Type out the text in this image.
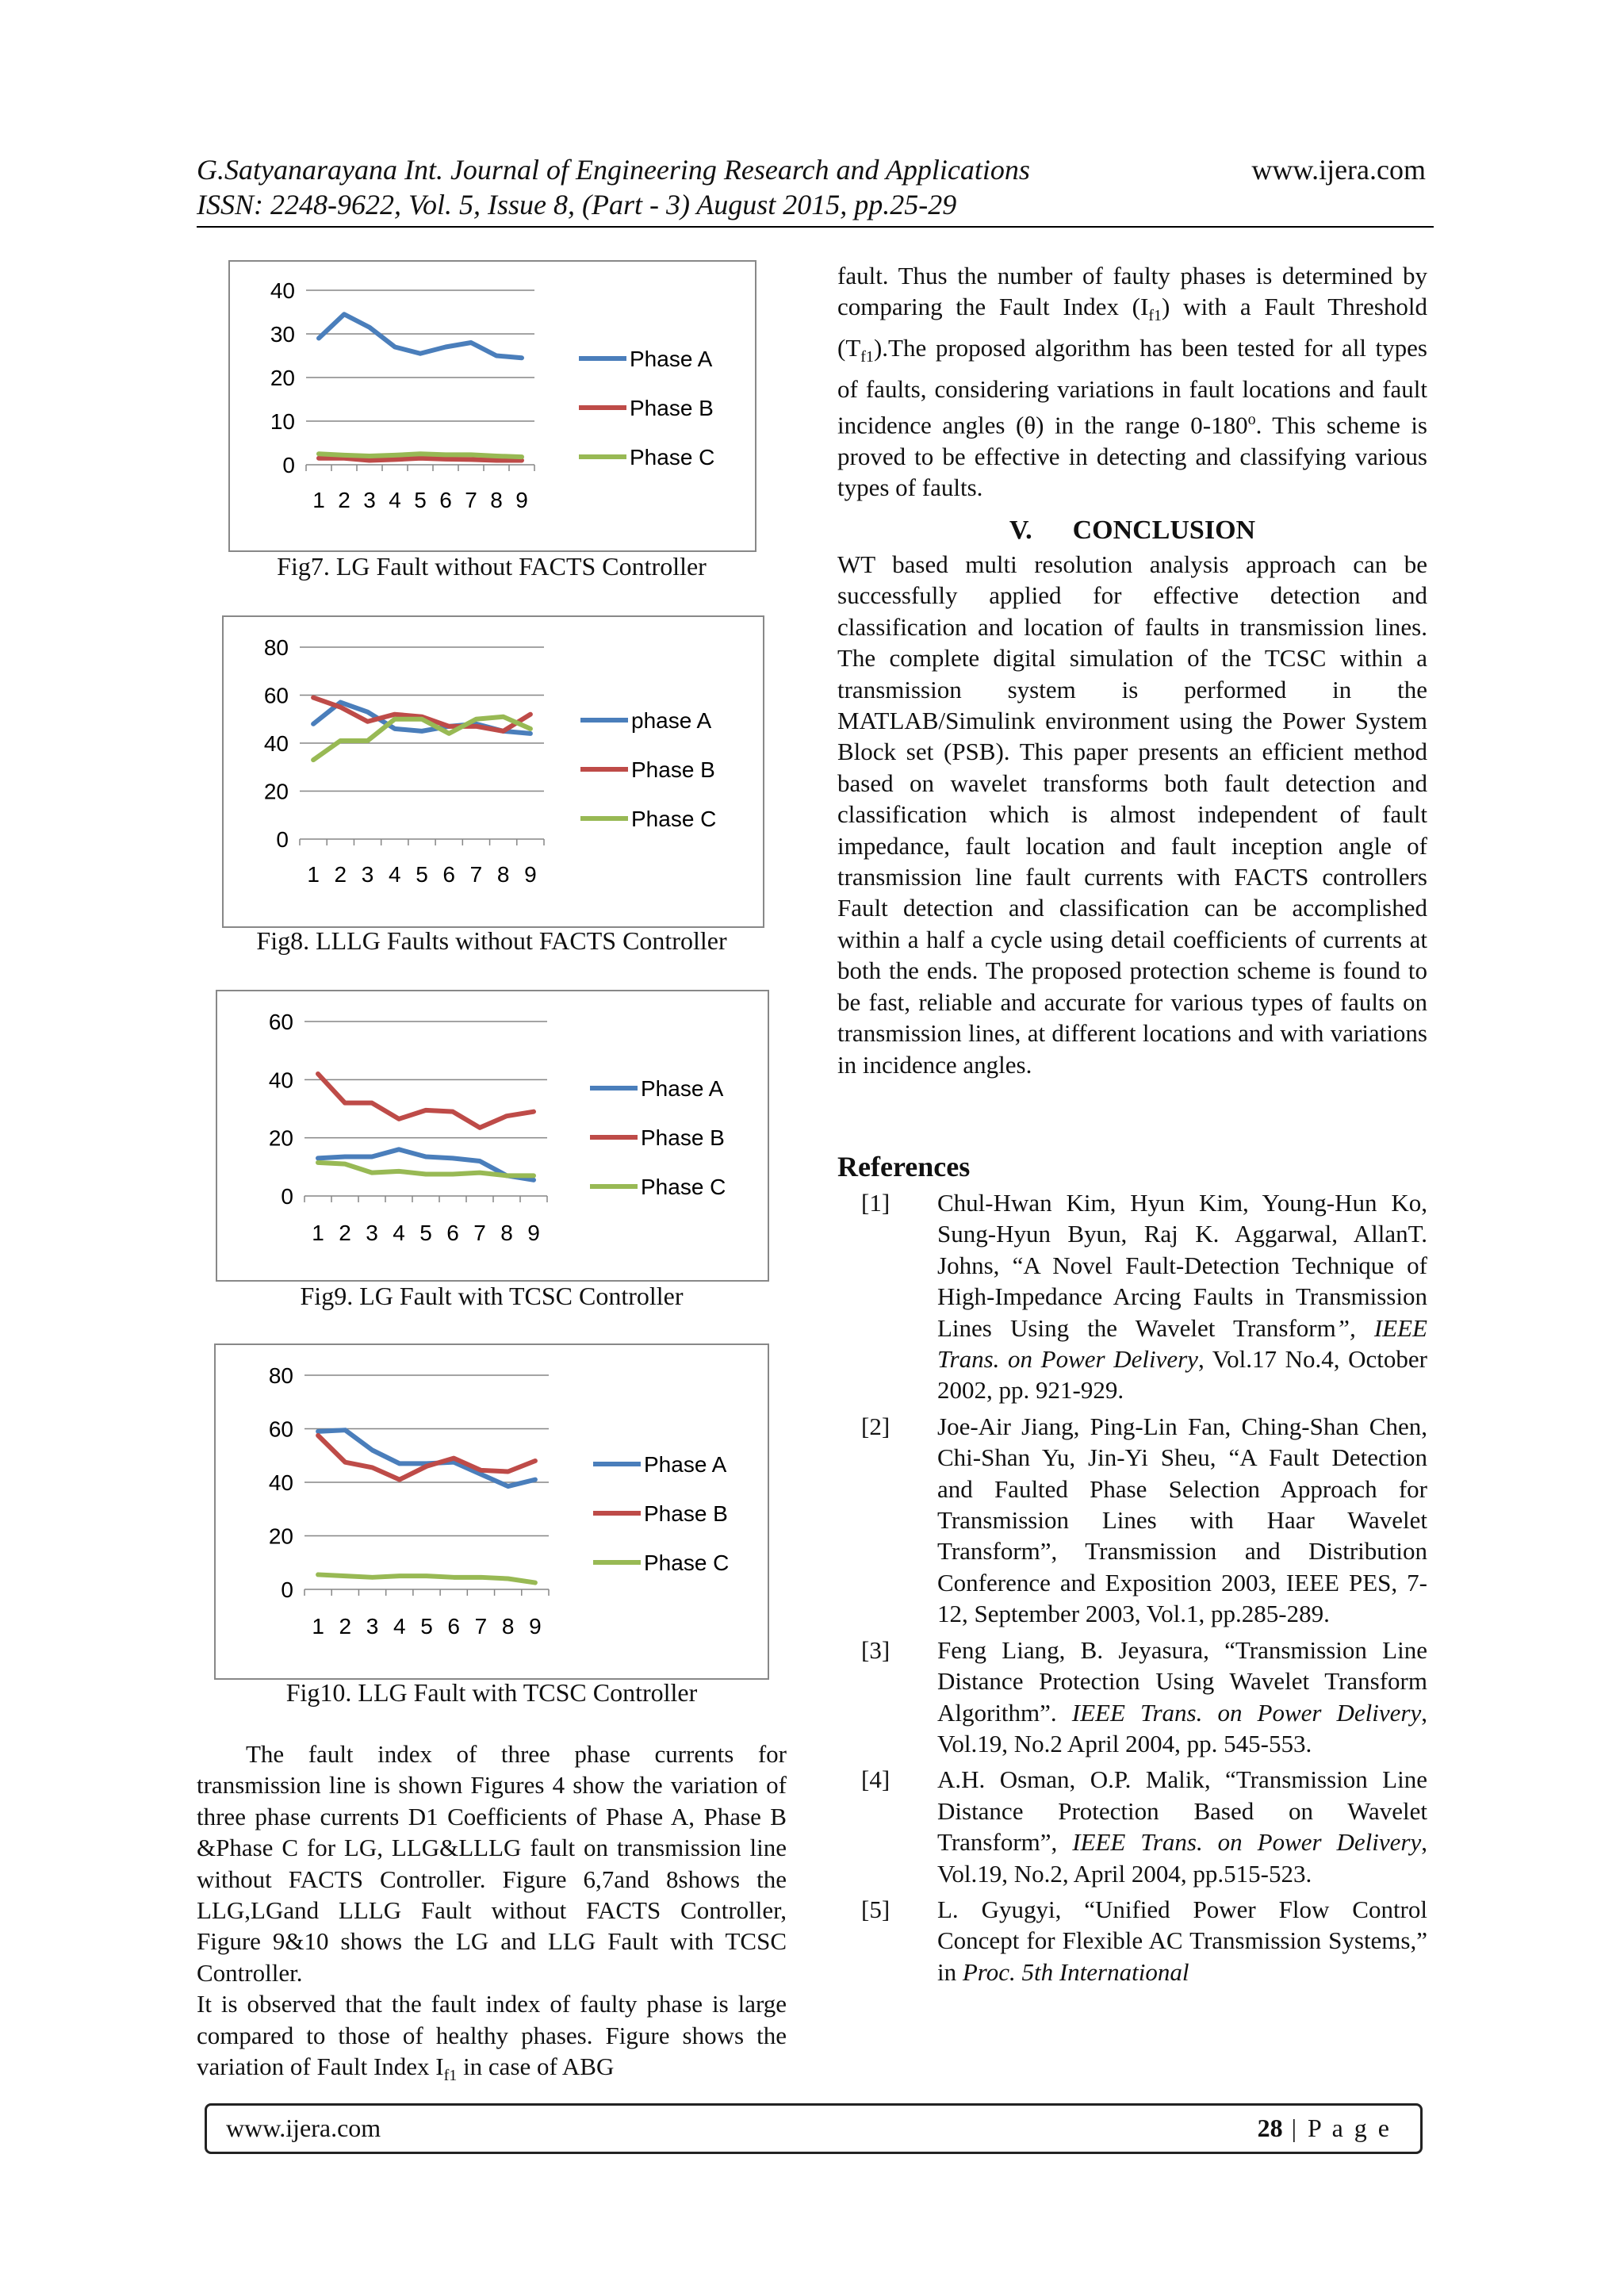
G.Satyanarayana Int. Journal of Engineering Research and Applications	www.ijera.com
ISSN: 2248-9622, Vol. 5, Issue 8, (Part - 3) August 2015, pp.25-29
40
30
20
10
0
1 2 3 4 5 6 7 8 9
Phase A
Phase B
Phase C
Fig7. LG Fault without FACTS Controller
80
60
40
20
0
1 2 3 4 5 6 7 8 9
phase A
Phase B
Phase C
Fig8. LLLG Faults without FACTS Controller
60
40
20
0
1 2 3 4 5 6 7 8 9
Phase A
Phase B
Phase C
Fig9. LG Fault with TCSC Controller
80
60
40
20
0
1 2 3 4 5 6 7 8 9
Phase A
Phase B
Phase C
Fig10. LLG Fault with TCSC Controller

The fault index of three phase currents for transmission line is shown Figures 4 show the variation of three phase currents D1 Coefficients of Phase A, Phase B &Phase C for LG, LLG&LLLG fault on transmission line without FACTS Controller. Figure 6,7and 8shows the LLG,LGand LLLG Fault without FACTS Controller, Figure 9&10 shows the LG and LLG Fault with TCSC Controller.

It is observed that the fault index of faulty phase is large compared to those of healthy phases. Figure shows the variation of Fault Index $I_{f1}$ in case of ABG

fault. Thus the number of faulty phases is determined by comparing the Fault Index $(I_{f1})$ with a Fault Threshold $(T_{f1}).The$ proposed algorithm has been tested for all types of faults, considering variations in fault locations and fault incidence angles (θ) in the range 0-180$^o$. This scheme is proved to be effective in detecting and classifying various types of faults.

V.      CONCLUSION

WT based multi resolution analysis approach can be successfully applied for effective detection and classification and location of faults in transmission lines. The complete digital simulation of the TCSC within a transmission system is performed in the MATLAB/Simulink environment using the Power System Block set (PSB). This paper presents an efficient method based on wavelet transforms both fault detection and classification which is almost independent of fault impedance, fault location and fault inception angle of transmission line fault currents with FACTS controllers Fault detection and classification can be accomplished within a half a cycle using detail coefficients of currents at both the ends. The proposed protection scheme is found to be fast, reliable and accurate for various types of faults on transmission lines, at different locations and with variations in incidence angles.

References
[1]	Chul-Hwan Kim, Hyun Kim, Young-Hun Ko, Sung-Hyun Byun, Raj K. Aggarwal, AllanT. Johns, “A Novel Fault-Detection Technique of High-Impedance Arcing Faults in Transmission Lines Using the Wavelet Transform”, IEEE Trans. on Power Delivery, Vol.17 No.4, October 2002, pp. 921-929.
[2]	Joe-Air Jiang, Ping-Lin Fan, Ching-Shan Chen, Chi-Shan Yu, Jin-Yi Sheu, “A Fault Detection and Faulted Phase Selection Approach for Transmission Lines with Haar Wavelet Transform”, Transmission and Distribution Conference and Exposition 2003, IEEE PES, 7-12, September 2003, Vol.1, pp.285-289.
[3]	Feng Liang, B. Jeyasura, “Transmission Line Distance Protection Using Wavelet Transform Algorithm”. IEEE Trans. on Power Delivery, Vol.19, No.2 April 2004, pp. 545-553.
[4]	A.H. Osman, O.P. Malik, “Transmission Line Distance Protection Based on Wavelet Transform”, IEEE Trans. on Power Delivery, Vol.19, No.2, April 2004, pp.515-523.
[5]	L. Gyugyi, “Unified Power Flow Control Concept for Flexible AC Transmission Systems,” in Proc. 5th International
www.ijera.com	28 | P a g e
